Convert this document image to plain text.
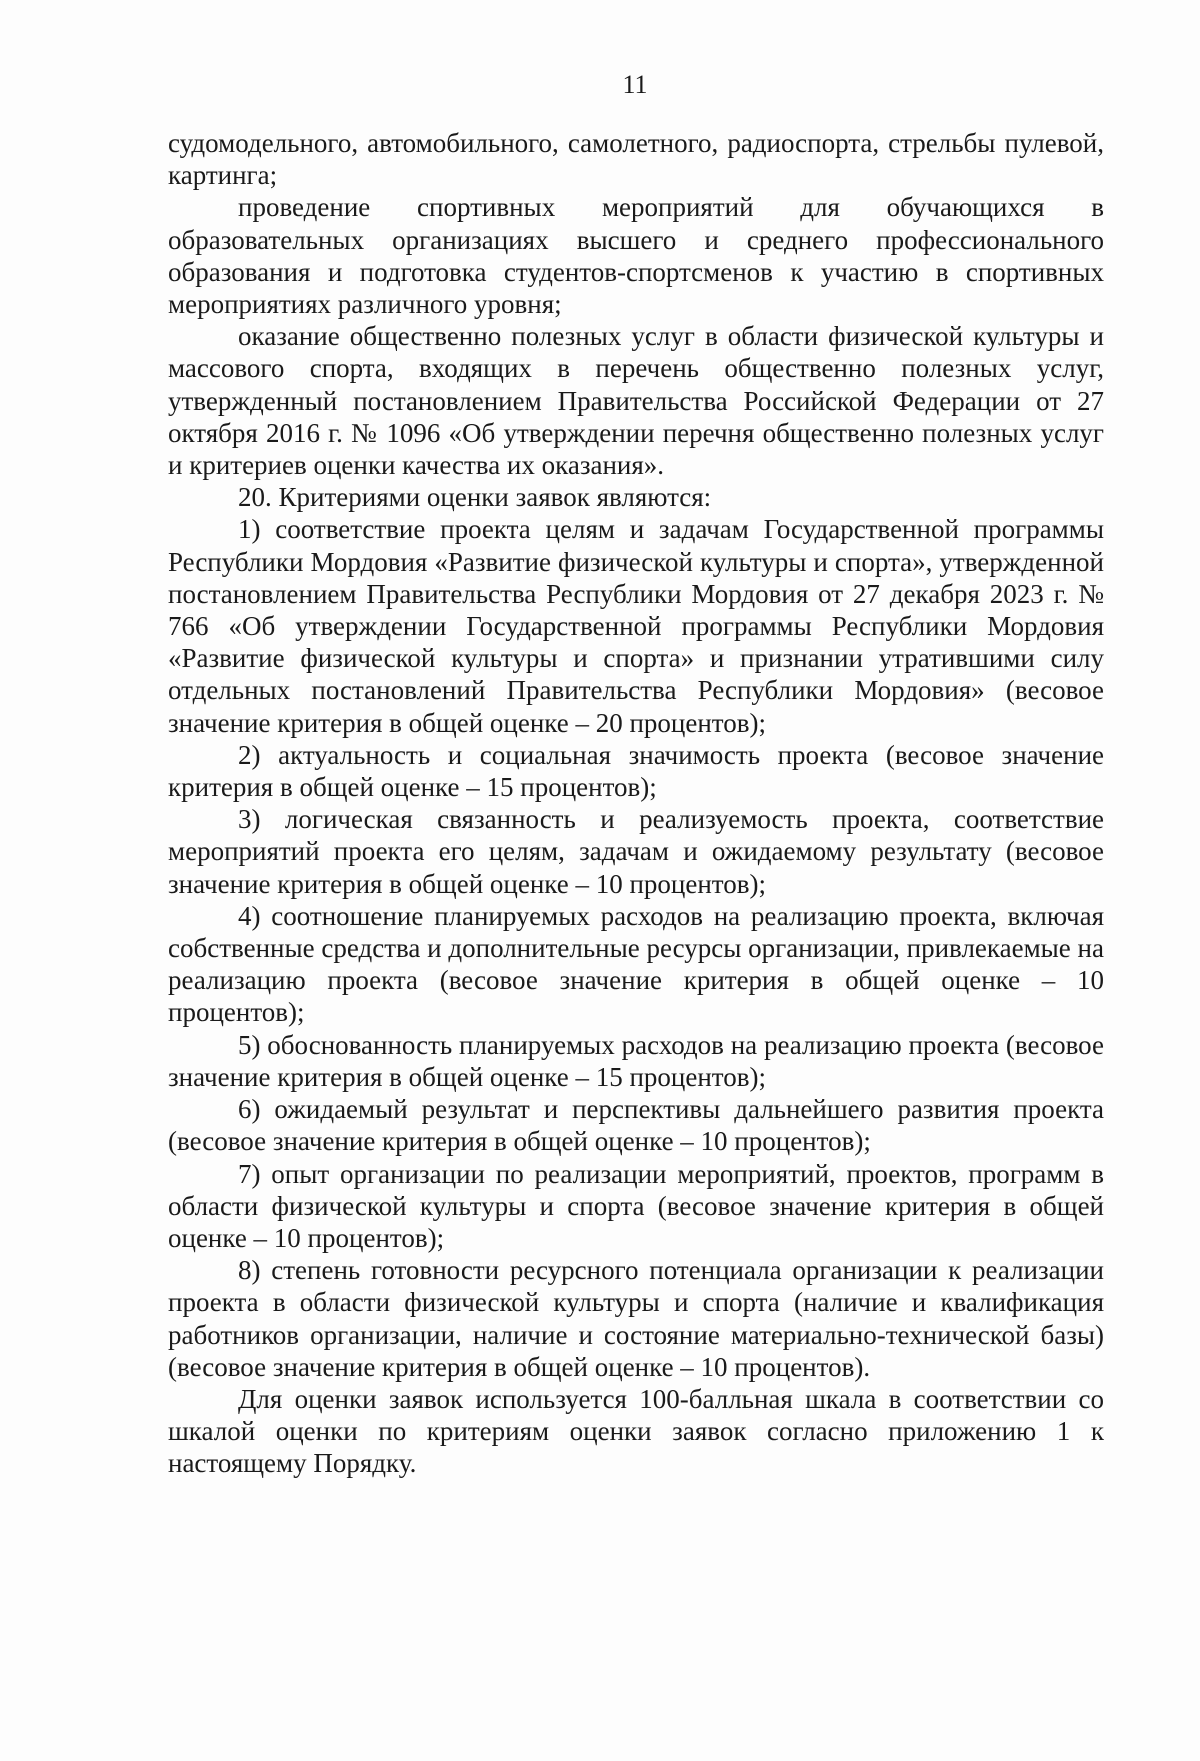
11

судомодельного, автомобильного, самолетного, радиоспорта, стрельбы пулевой, картинга;

проведение спортивных мероприятий для обучающихся в образовательных организациях высшего и среднего профессионального образования и подготовка студентов-спортсменов к участию в спортивных мероприятиях различного уровня;

оказание общественно полезных услуг в области физической культуры и массового спорта, входящих в перечень общественно полезных услуг, утвержденный постановлением Правительства Российской Федерации от 27 октября 2016 г. № 1096 «Об утверждении перечня общественно полезных услуг и критериев оценки качества их оказания».

20. Критериями оценки заявок являются:

1) соответствие проекта целям и задачам Государственной программы Республики Мордовия «Развитие физической культуры и спорта», утвержденной постановлением Правительства Республики Мордовия от 27 декабря 2023 г. № 766 «Об утверждении Государственной программы Республики Мордовия «Развитие физической культуры и спорта» и признании утратившими силу отдельных постановлений Правительства Республики Мордовия» (весовое значение критерия в общей оценке – 20 процентов);

2) актуальность и социальная значимость проекта (весовое значение критерия в общей оценке – 15 процентов);

3) логическая связанность и реализуемость проекта, соответствие мероприятий проекта его целям, задачам и ожидаемому результату (весовое значение критерия в общей оценке – 10 процентов);

4) соотношение планируемых расходов на реализацию проекта, включая собственные средства и дополнительные ресурсы организации, привлекаемые на реализацию проекта (весовое значение критерия в общей оценке – 10 процентов);

5) обоснованность планируемых расходов на реализацию проекта (весовое значение критерия в общей оценке – 15 процентов);

6) ожидаемый результат и перспективы дальнейшего развития проекта (весовое значение критерия в общей оценке – 10 процентов);

7) опыт организации по реализации мероприятий, проектов, программ в области физической культуры и спорта (весовое значение критерия в общей оценке – 10 процентов);

8) степень готовности ресурсного потенциала организации к реализации проекта в области физической культуры и спорта (наличие и квалификация работников организации, наличие и состояние материально-технической базы) (весовое значение критерия в общей оценке – 10 процентов).

Для оценки заявок используется 100-балльная шкала в соответствии со шкалой оценки по критериям оценки заявок согласно приложению 1 к настоящему Порядку.
